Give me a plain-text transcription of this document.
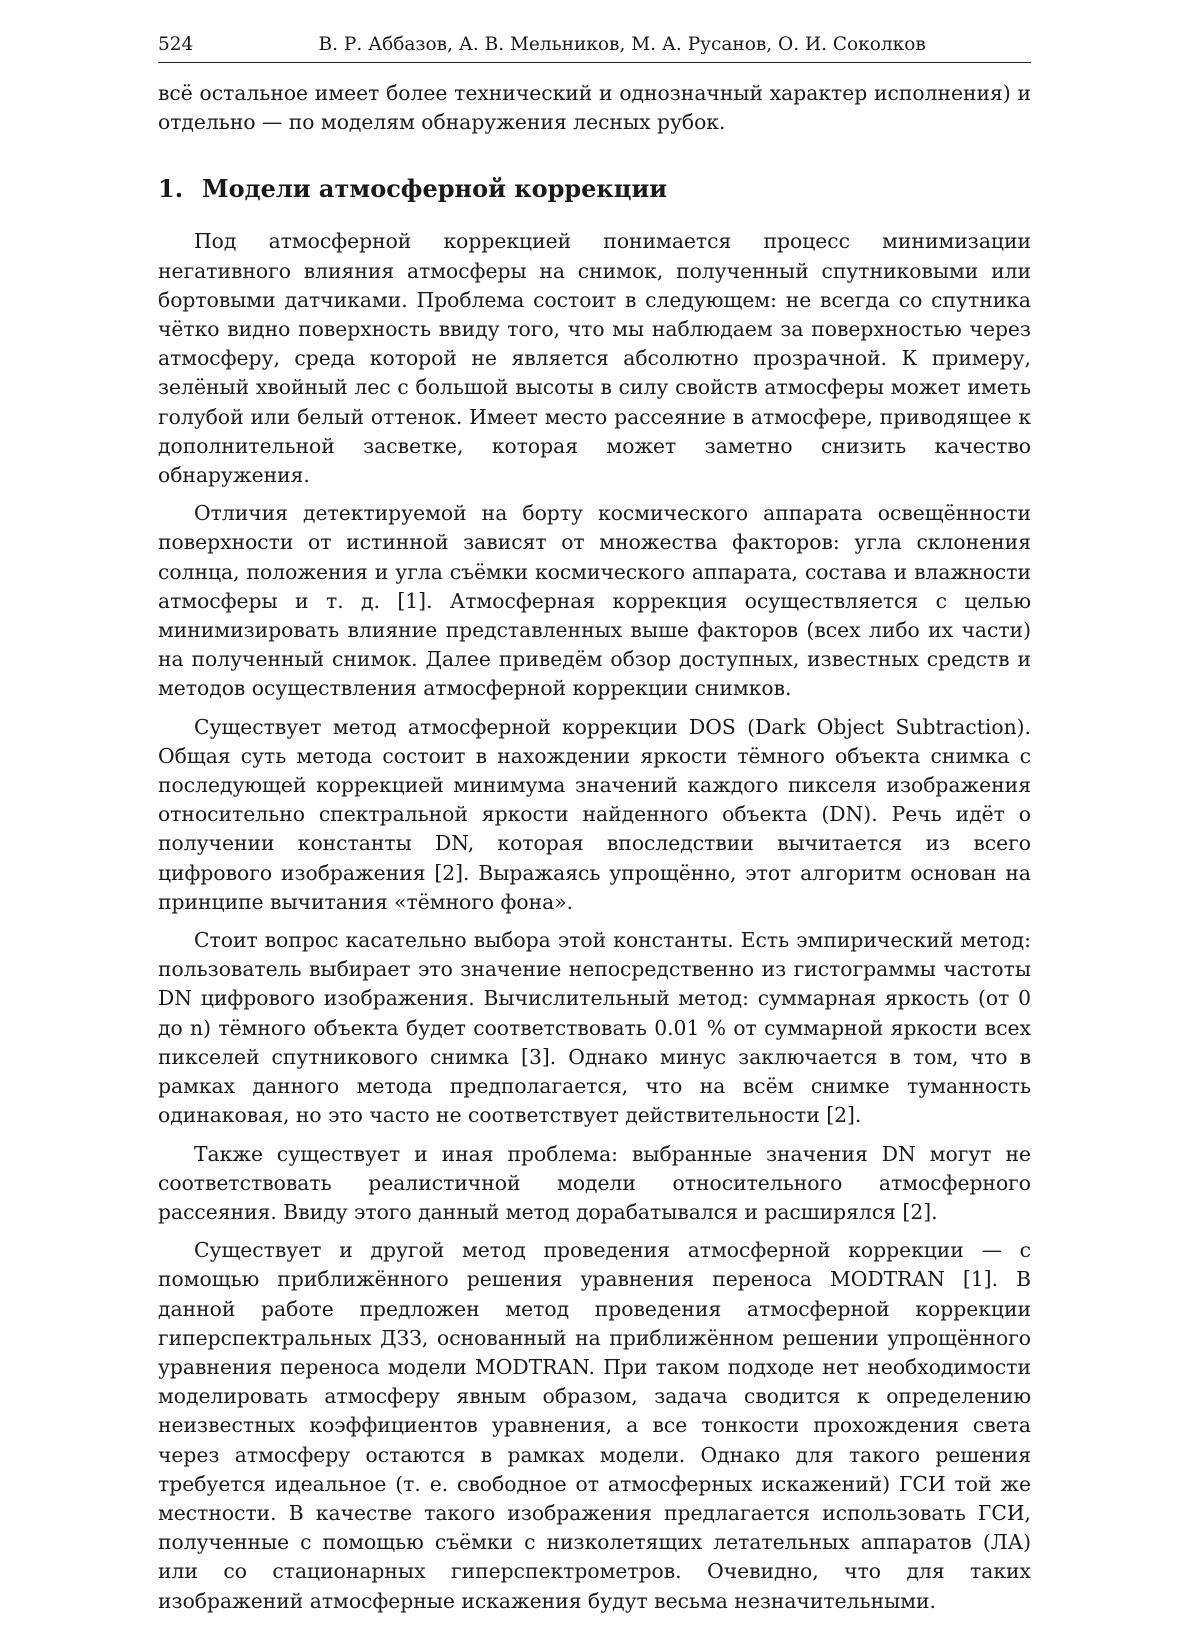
524	В. Р. Аббазов, А. В. Мельников, М. А. Русанов, О. И. Соколков

всё остальное имеет более технический и однозначный характер исполнения) и отдельно — по моделям обнаружения лесных рубок.

1. Модели атмосферной коррекции

Под атмосферной коррекцией понимается процесс минимизации негативного влияния атмосферы на снимок, полученный спутниковыми или бортовыми датчиками. Проблема состоит в следующем: не всегда со спутника чётко видно поверхность ввиду того, что мы наблюдаем за поверхностью через атмосферу, среда которой не является абсолютно прозрачной. К примеру, зелёный хвойный лес с большой высоты в силу свойств атмосферы может иметь голубой или белый оттенок. Имеет место рассеяние в атмосфере, приводящее к дополнительной засветке, которая может заметно снизить качество обнаружения.

Отличия детектируемой на борту космического аппарата освещённости поверхности от истинной зависят от множества факторов: угла склонения солнца, положения и угла съёмки космического аппарата, состава и влажности атмосферы и т. д. [1]. Атмосферная коррекция осуществляется с целью минимизировать влияние представленных выше факторов (всех либо их части) на полученный снимок. Далее приведём обзор доступных, известных средств и методов осуществления атмосферной коррекции снимков.

Существует метод атмосферной коррекции DOS (Dark Object Subtraction). Общая суть метода состоит в нахождении яркости тёмного объекта снимка с последующей коррекцией минимума значений каждого пикселя изображения относительно спектральной яркости найденного объекта (DN). Речь идёт о получении константы DN, которая впоследствии вычитается из всего цифрового изображения [2]. Выражаясь упрощённо, этот алгоритм основан на принципе вычитания «тёмного фона».

Стоит вопрос касательно выбора этой константы. Есть эмпирический метод: пользователь выбирает это значение непосредственно из гистограммы частоты DN цифрового изображения. Вычислительный метод: суммарная яркость (от 0 до n) тёмного объекта будет соответствовать 0.01 % от суммарной яркости всех пикселей спутникового снимка [3]. Однако минус заключается в том, что в рамках данного метода предполагается, что на всём снимке туманность одинаковая, но это часто не соответствует действительности [2].

Также существует и иная проблема: выбранные значения DN могут не соответствовать реалистичной модели относительного атмосферного рассеяния. Ввиду этого данный метод дорабатывался и расширялся [2].

Существует и другой метод проведения атмосферной коррекции — с помощью приближённого решения уравнения переноса MODTRAN [1]. В данной работе предложен метод проведения атмосферной коррекции гиперспектральных ДЗЗ, основанный на приближённом решении упрощённого уравнения переноса модели MODTRAN. При таком подходе нет необходимости моделировать атмосферу явным образом, задача сводится к определению неизвестных коэффициентов уравнения, а все тонкости прохождения света через атмосферу остаются в рамках модели. Однако для такого решения требуется идеальное (т. е. свободное от атмосферных искажений) ГСИ той же местности. В качестве такого изображения предлагается использовать ГСИ, полученные с помощью съёмки с низколетящих летательных аппаратов (ЛА) или со стационарных гиперспектрометров. Очевидно, что для таких изображений атмосферные искажения будут весьма незначительными.
